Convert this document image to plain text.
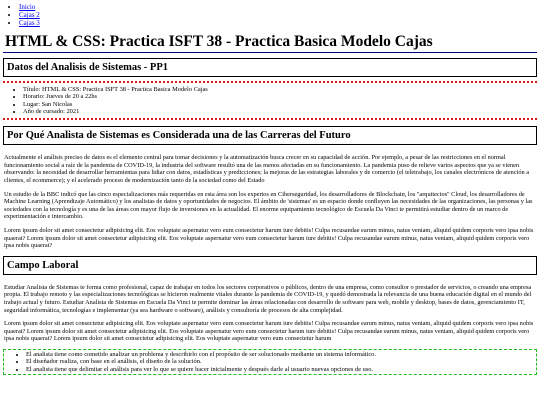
• Inicio
• Cajas 2
• Cajas 3
HTML & CSS: Practica ISFT 38 - Practica Basica Modelo Cajas
Datos del Analisis de Sistemas - PP1
• Título: HTML & CSS: Practica ISFT 38 - Practica Basica Modelo Cajas
• Horario: Jueves de 20 a 22hs
• Lugar: San Nicolas
• Año de cursado: 2021
Por Qué Analista de Sistemas es Considerada una de las Carreras del Futuro

Actualmente el análisis preciso de datos es el elemento central para tomar decisiones y la automatización busca crecer en su capacidad de acción. Por ejemplo, a pesar de las restricciones en el normal funcionamiento social a raíz de la pandemia de COVID-19, la industria del software resultó una de las menos afectadas en su funcionamiento. La pandemia puso de relieve varios aspectos que ya se vienen observando: la necesidad de desarrollar herramientas para lidiar con datos, estadísticas y predicciones; la mejoras de las estrategias laborales y de comercio (el teletrabajo, los canales electrónicos de atención a clientes, el ecommerce); y el acelerado proceso de modernización tanto de la sociedad como del Estado

Un estudio de la BBC indicó que las cinco especializaciones más requeridas en esta área son los expertos en Ciberseguridad, los desarrolladores de Blockchain, los "arquitectos" Cloud, los desarrolladores de Machine Learning (Aprendizaje Automático) y los analistas de datos y oportunidades de negocios. El ámbito de 'sistemas' es un espacio donde confluyen las necesidades de las organizaciones, las personas y las sociedades con la tecnología y es una de las áreas con mayor flujo de inversiones en la actualidad. El enorme equipamiento tecnológico de Escuela Da Vinci te permitirá estudiar dentro de un marco de experimentación e intercambio.

Lorem ipsum dolor sit amet consectetur adipisicing elit. Eos voluptate aspernatur vero eum consectetur harum iure debitis! Culpa recusandae earum minus, natus veniam, aliquid quidem corporis vero ipsa nobis quaerat? Lorem ipsum dolor sit amet consectetur adipisicing elit. Eos voluptate aspernatur vero eum consectetur harum iure debitis! Culpa recusandae earum minus, natus veniam, aliquid quidem corporis vero ipsa nobis quaerat?

Campo Laboral

Estudiar Analista de Sistemas te forma como profesional, capaz de trabajar en todos los sectores corporativos o públicos, dentro de una empresa, como consultor o prestador de servicios, o creando una empresa propia. El trabajo remoto y las especializaciones tecnológicas se hicieron realmente vitales durante la pandemia de COVID-19, y quedó demostrada la relevancia de una buena educación digital en el mundo del trabajo actual y futuro. Estudiar Analista de Sistemas en Escuela Da Vinci te permite dominar las áreas relacionadas con desarrollo de software para web, mobile y desktop, bases de datos, gerenciamiento IT, seguridad informática, tecnologías e implementar (ya sea hardware o software), análisis y consultoría de procesos de alta complejidad.

Lorem ipsum dolor sit amet consectetur adipisicing elit. Eos voluptate aspernatur vero eum consectetur harum iure debitis! Culpa recusandae earum minus, natus veniam, aliquid quidem corporis vero ipsa nobis quaerat? Lorem ipsum dolor sit amet consectetur adipisicing elit. Eos voluptate aspernatur vero eum consectetur harum iure debitis! Culpa recusandae earum minus, natus veniam, aliquid quidem corporis vero ipsa nobis quaerat? Lorem ipsum dolor sit amet consectetur adipisicing elit. Eos voluptate aspernatur vero eum consectetur harum

• El analista tiene como cometido analizar un problema y describirlo con el propósito de ser solucionado mediante un sistema informático.
• El diseñador realiza, con base en el análisis, el diseño de la solución.
• El analista tiene que delimitar el análisis para ver lo que se quiere hacer inicialmente y después darle al usuario nuevas opciones de uso.
